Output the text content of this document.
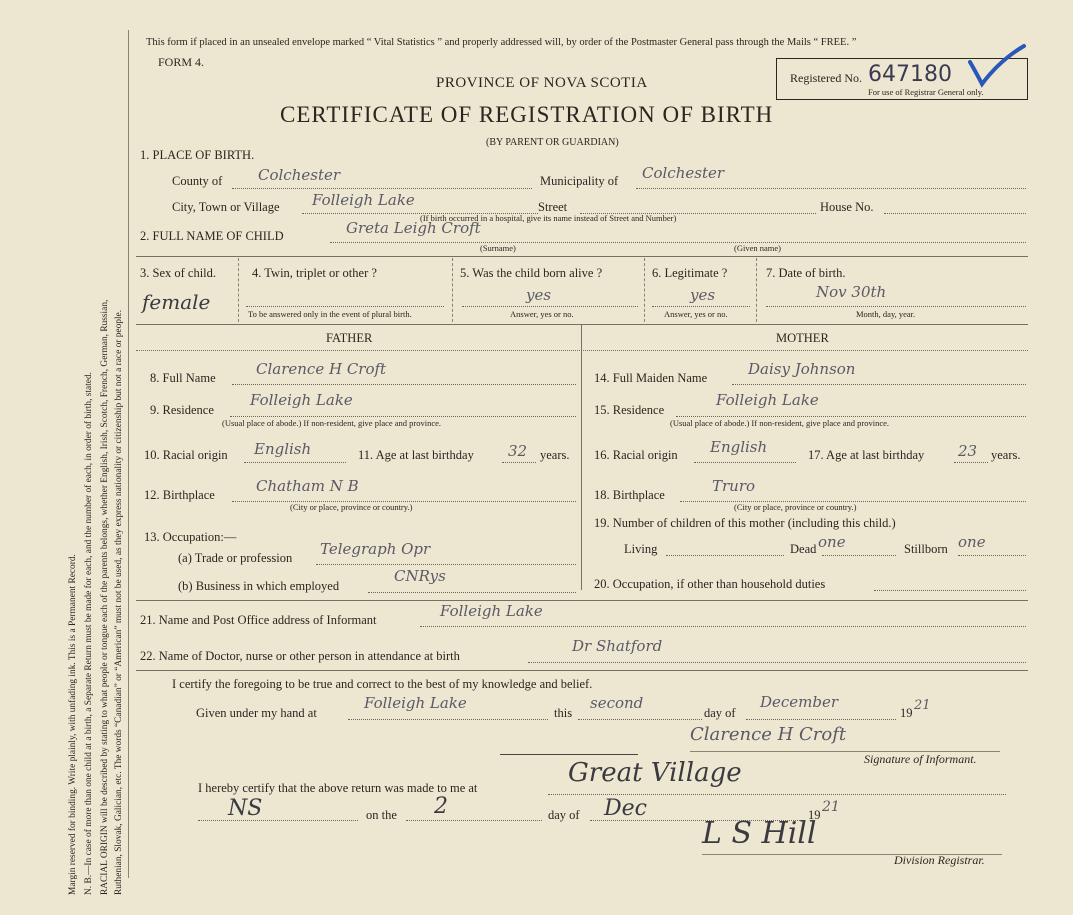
Margin reserved for binding. Write plainly, with unfading ink. This is a Permanent Record. N. B.—In case of more than one child at a birth, a Separate Return must be made for each, and the number of each, in order of birth, stated. RACIAL ORIGIN will be described by stating to what people or tongue each of the parents belongs, whether English, Irish, Scotch, French, German, Russian, Ruthenian, Slovak, Galician, etc. The words “Canadian” or “American” must not be used, as they express nationality or citizenship but not a race or people.
This form if placed in an unsealed envelope marked “ Vital Statistics ” and properly addressed will, by order of the Postmaster General pass through the Mails “ FREE. ”
FORM 4.
PROVINCE OF NOVA SCOTIA
CERTIFICATE OF REGISTRATION OF BIRTH
(BY PARENT OR GUARDIAN)
Registered No. 647180
For use of Registrar General only.
1. PLACE OF BIRTH.
County of Colchester	Municipality of Colchester
City, Town or Village Folleigh Lake	Street	House No.
(If birth occurred in a hospital, give its name instead of Street and Number)
2. FULL NAME OF CHILD	Greta Leigh Croft
(Surname)	(Given name)
3. Sex of child.
female
4. Twin, triplet or other ?
To be answered only in the event of plural birth.
5. Was the child born alive ?
yes
Answer, yes or no.
6. Legitimate ?
yes
Answer, yes or no.
7. Date of birth.
Nov 30th
Month, day, year.
FATHER	MOTHER
8. Full Name	Clarence H Croft
9. Residence
Folleigh Lake
(Usual place of abode.) If non-resident, give place and province.
10. Racial origin English	11. Age at last birthday 32 years.
12. Birthplace	Chatham N B
(City or place, province or country.)
13. Occupation:—
(a) Trade or profession Telegraph Opr
(b) Business in which employed
CNRys
14. Full Maiden Name	Daisy Johnson
15. Residence
Folleigh Lake
(Usual place of abode.) If non-resident, give place and province.
16. Racial origin English	17. Age at last birthday 23 years.
18. Birthplace	Truro
(City or place, province or country.)
19. Number of children of this mother (including this child.)
Living	Dead one	Stillborn one
20. Occupation, if other than household duties
21. Name and Post Office address of Informant	Folleigh Lake
22. Name of Doctor, nurse or other person in attendance at birth
Dr Shatford
I certify the foregoing to be true and correct to the best of my knowledge and belief.
Given under my hand at
Folleigh Lake
this
second
day of
December
19 21
Clarence H Croft
Signature of Informant.
I hereby certify that the above return was made to me at	Great Village
NS	on the 2	day of Dec	19 21
L S Hill
Division Registrar.
